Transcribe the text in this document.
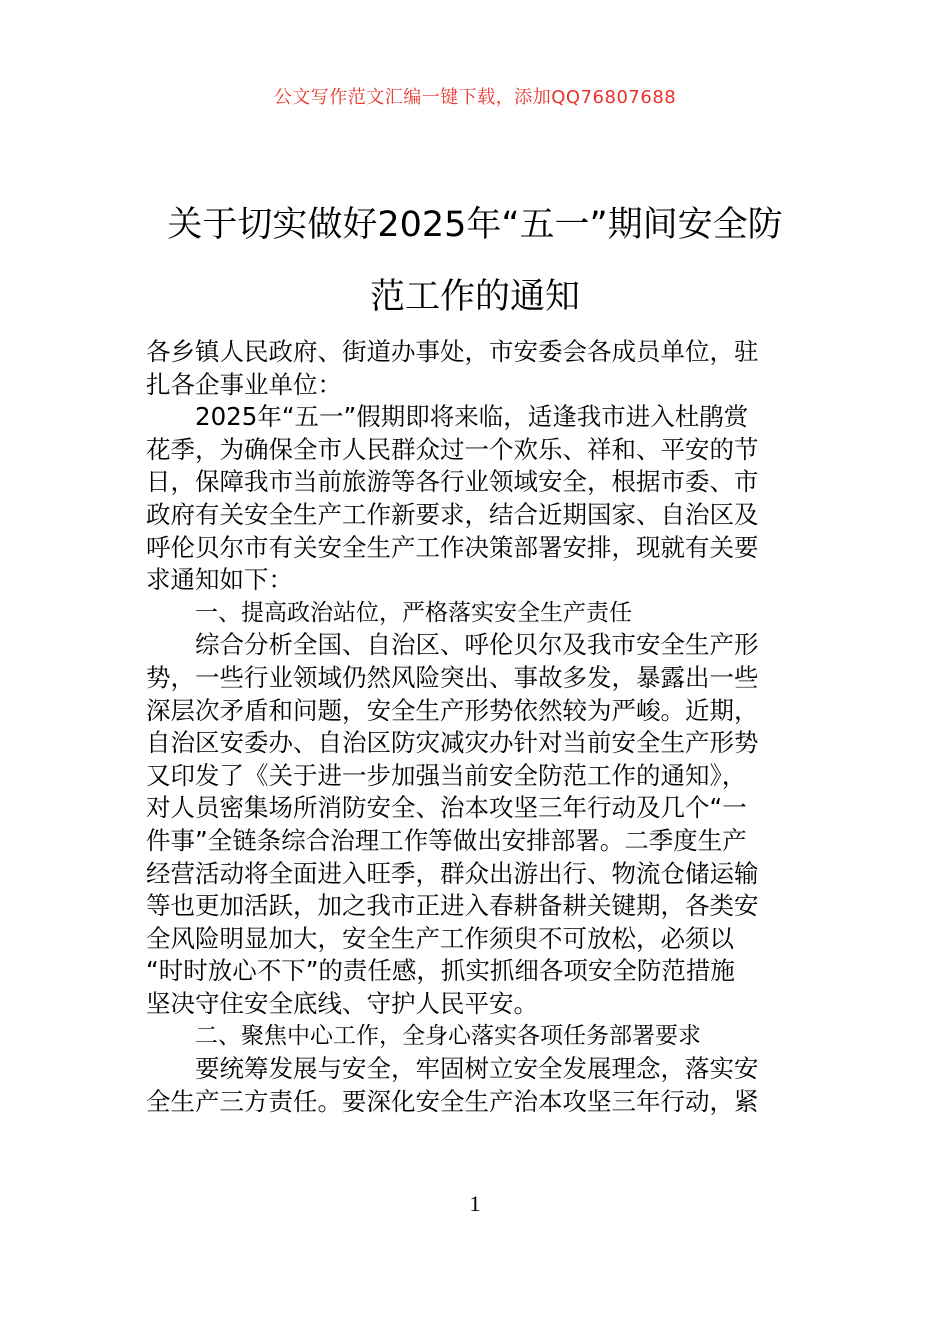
公文写作范文汇编一键下载，添加QQ76807688
关于切实做好2025年“五一”期间安全防
范工作的通知
各乡镇人民政府、街道办事处，市安委会各成员单位，驻
扎各企事业单位：
2025年“五一”假期即将来临，适逢我市进入杜鹃赏
花季，为确保全市人民群众过一个欢乐、祥和、平安的节
日，保障我市当前旅游等各行业领域安全，根据市委、市
政府有关安全生产工作新要求，结合近期国家、自治区及
呼伦贝尔市有关安全生产工作决策部署安排，现就有关要
求通知如下：
一、提高政治站位，严格落实安全生产责任
综合分析全国、自治区、呼伦贝尔及我市安全生产形
势，一些行业领域仍然风险突出、事故多发，暴露出一些
深层次矛盾和问题，安全生产形势依然较为严峻。近期，
自治区安委办、自治区防灾减灾办针对当前安全生产形势
又印发了《关于进一步加强当前安全防范工作的通知》，
对人员密集场所消防安全、治本攻坚三年行动及几个“一
件事”全链条综合治理工作等做出安排部署。二季度生产
经营活动将全面进入旺季，群众出游出行、物流仓储运输
等也更加活跃，加之我市正进入春耕备耕关键期，各类安
全风险明显加大，安全生产工作须臾不可放松，必须以
“时时放心不下”的责任感，抓实抓细各项安全防范措施
坚决守住安全底线、守护人民平安。
二、聚焦中心工作，全身心落实各项任务部署要求
要统筹发展与安全，牢固树立安全发展理念，落实安
全生产三方责任。要深化安全生产治本攻坚三年行动，紧
1
